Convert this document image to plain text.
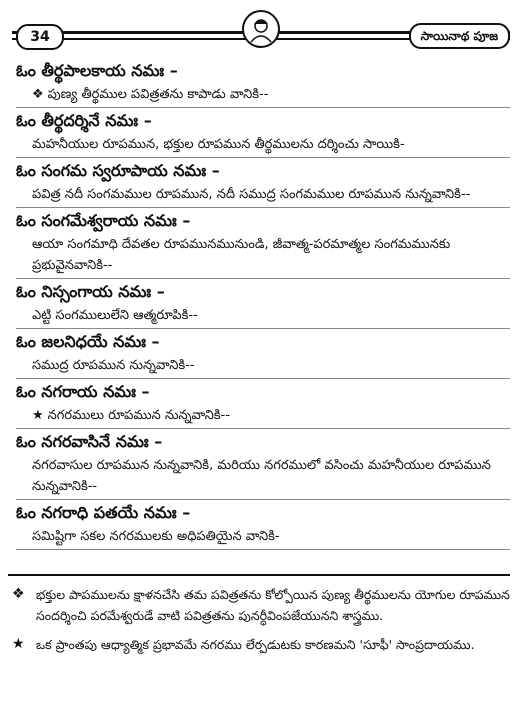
34	సాయినాథ పూజ
ఓం తీర్థపాలకాయ నమః –
❖ పుణ్య తీర్థముల పవిత్రతను కాపాడు వానికి--
ఓం తీర్థదర్శినే నమః –
మహనీయుల రూపమున, భక్తుల రూపమున తీర్థములను దర్శించు సాయికి-
ఓం సంగమ స్వరూపాయ నమః –
పవిత్ర నదీ సంగమముల రూపమున, నదీ సముద్ర సంగమముల రూపమున నున్నవానికి--
ఓం సంగమేశ్వరాయ నమః –
ఆయా సంగమాధి దేవతల రూపమునమునుండి, జీవాత్మ-పరమాత్మల సంగమమునకు ప్రభువైనవానికి--
ఓం నిస్సంగాయ నమః –
ఎట్టి సంగములులేని ఆత్మరూపికి--
ఓం జలనిధయే నమః –
సముద్ర రూపమున నున్నవానికి--
ఓం నగరాయ నమః –
★ నగరములు రూపమున నున్నవానికి--
ఓం నగరవాసినే నమః –
నగరవాసుల రూపమున నున్నవానికి, మరియు నగరములో వసించు మహనీయుల రూపమున నున్నవానికి--
ఓం నగరాధి పతయే నమః –
సమిష్టిగా సకల నగరములకు అధిపతియైన వానికి-
❖ భక్తుల పాపములను క్షాళనచేసి తమ పవిత్రతను కోల్పోయిన పుణ్య తీర్థములను యోగుల రూపమున సందర్శించి పరమేశ్వరుడే వాటి పవిత్రతను పునర్ధీవింపజేయునని శాస్త్రము.
★ ఒక ప్రాంతపు ఆధ్యాత్మిక ప్రభావమే నగరము లేర్పడుటకు కారణమని 'సూఫీ' సాంప్రదాయము.
